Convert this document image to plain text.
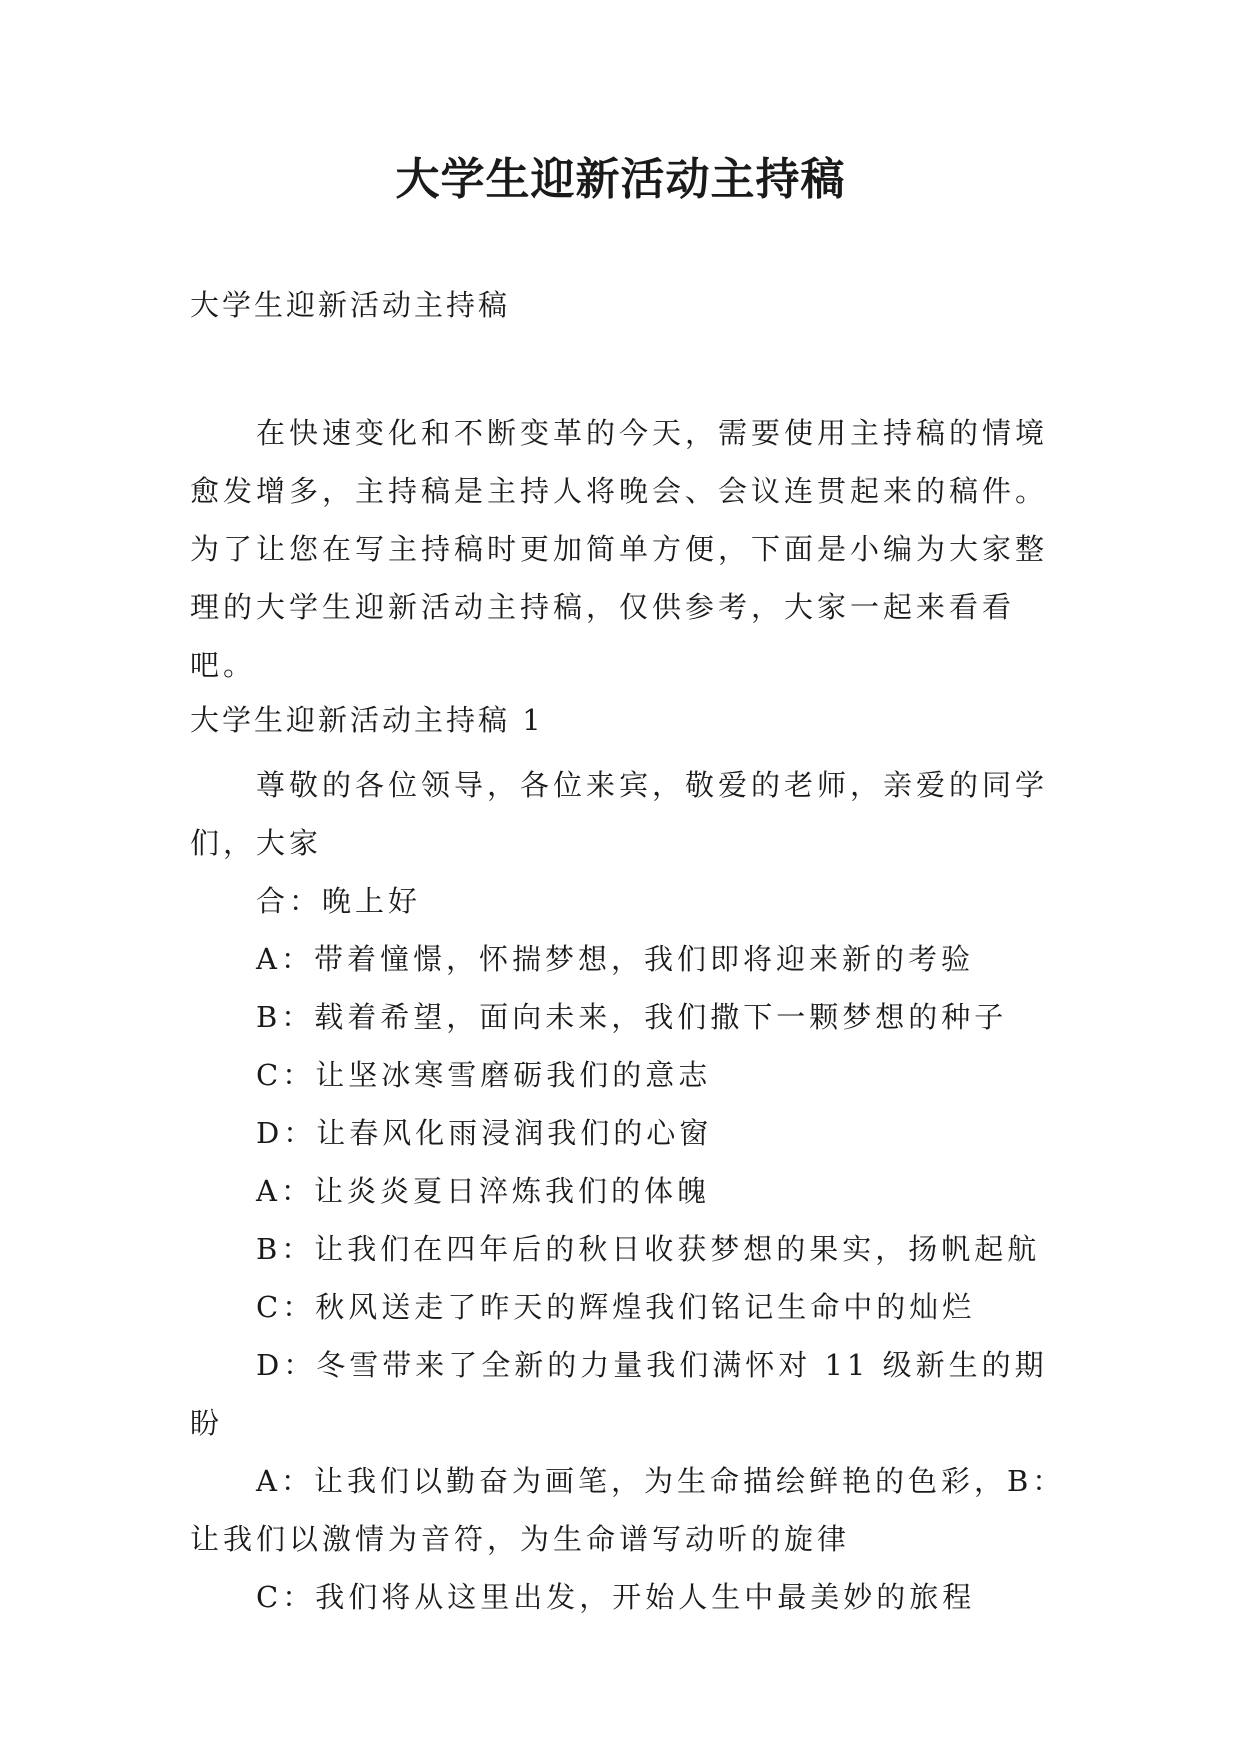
大学生迎新活动主持稿
大学生迎新活动主持稿
在快速变化和不断变革的今天，需要使用主持稿的情境愈发增多，主持稿是主持人将晚会、会议连贯起来的稿件。为了让您在写主持稿时更加简单方便，下面是小编为大家整理的大学生迎新活动主持稿，仅供参考，大家一起来看看吧。
大学生迎新活动主持稿 1

尊敬的各位领导，各位来宾，敬爱的老师，亲爱的同学们，大家

合：晚上好

A：带着憧憬，怀揣梦想，我们即将迎来新的考验

B：载着希望，面向未来，我们撒下一颗梦想的种子

C：让坚冰寒雪磨砺我们的意志

D：让春风化雨浸润我们的心窗

A：让炎炎夏日淬炼我们的体魄

B：让我们在四年后的秋日收获梦想的果实，扬帆起航

C：秋风送走了昨天的辉煌我们铭记生命中的灿烂

D：冬雪带来了全新的力量我们满怀对 11 级新生的期盼

A：让我们以勤奋为画笔，为生命描绘鲜艳的色彩，B：让我们以激情为音符，为生命谱写动听的旋律

C：我们将从这里出发，开始人生中最美妙的旅程
